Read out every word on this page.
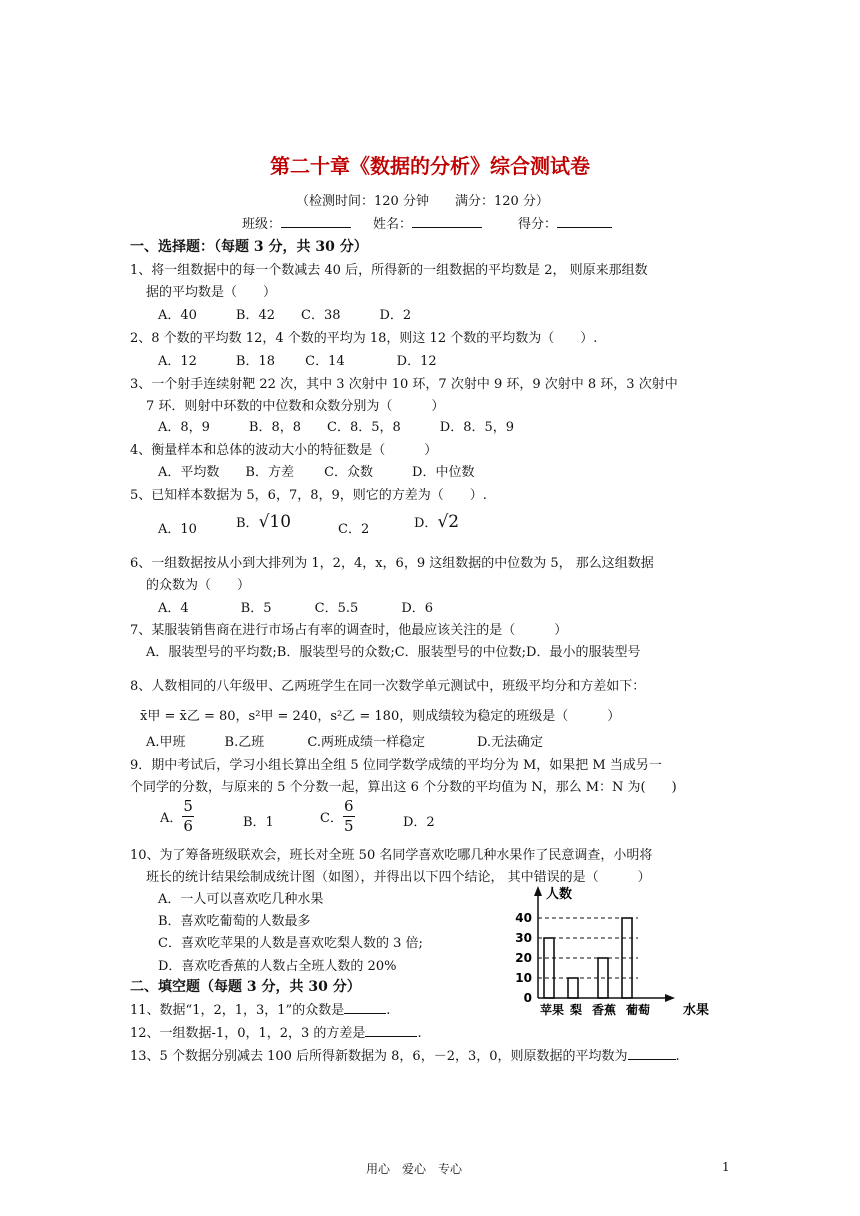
第二十章《数据的分析》综合测试卷
（检测时间：120 分钟　　满分：120 分）
班级：	姓名：	得分：
一、选择题：（每题 3 分，共 30 分）
1、将一组数据中的每一个数减去 40 后，所得新的一组数据的平均数是 2， 则原来那组数
据的平均数是（　　）
A．40　　　B．42　　C．38　　　D．2
2、8 个数的平均数 12，4 个数的平均为 18，则这 12 个数的平均数为（　　）.
A．12　　　B．18　　 C．14　　　　D．12
3、一个射手连续射靶 22 次，其中 3 次射中 10 环，7 次射中 9 环，9 次射中 8 环，3 次射中
7 环．则射中环数的中位数和众数分别为（　　　）
A．8，9　　　B．8，8　　C．8．5，8　　　D．8．5，9
4、衡量样本和总体的波动大小的特征数是（　　　）
A．平均数　　B．方差　　 C．众数　　　D．中位数
5、已知样本数据为 5，6，7，8，9，则它的方差为（　　）.
A．10	B．√10	C．2	D．√2
6、一组数据按从小到大排列为 1，2，4，x，6，9 这组数据的中位数为 5， 那么这组数据
的众数为（　　）
A．4　　　　B．5　　　 C．5.5　　　 D．6
7、某服装销售商在进行市场占有率的调查时，他最应该关注的是（　　　）
A．服装型号的平均数;B．服装型号的众数;C．服装型号的中位数;D．最小的服装型号
8、人数相同的八年级甲、乙两班学生在同一次数学单元测试中，班级平均分和方差如下：
x̄甲 = x̄乙 = 80，s²甲 = 240，s²乙 = 180，则成绩较为稳定的班级是（　　　）
A.甲班　　　B.乙班　　　 C.两班成绩一样稳定　　　　D.无法确定
9．期中考试后，学习小组长算出全组 5 位同学数学成绩的平均分为 M，如果把 M 当成另一
个同学的分数，与原来的 5 个分数一起，算出这 6 个分数的平均值为 N，那么 M：N 为(　　)
A． $\frac{5}{6}$	B．1	C． $\frac{6}{5}$	D．2
10、为了筹备班级联欢会，班长对全班 50 名同学喜欢吃哪几种水果作了民意调查，小明将
班长的统计结果绘制成统计图（如图），并得出以下四个结论， 其中错误的是（　　　）
A．一人可以喜欢吃几种水果
B．喜欢吃葡萄的人数最多
C．喜欢吃苹果的人数是喜欢吃梨人数的 3 倍;
D．喜欢吃香蕉的人数占全班人数的 20%
人数
水果
0
10
20
30
40
苹果 梨 香蕉 葡萄
二、填空题（每题 3 分，共 30 分）
11、数据“1，2，1，3，1”的众数是	.
12、一组数据-1，0，1，2，3 的方差是	.
13、5 个数据分别减去 100 后所得新数据为 8，6，－2，3，0，则原数据的平均数为	.
用心　爱心　专心	1
